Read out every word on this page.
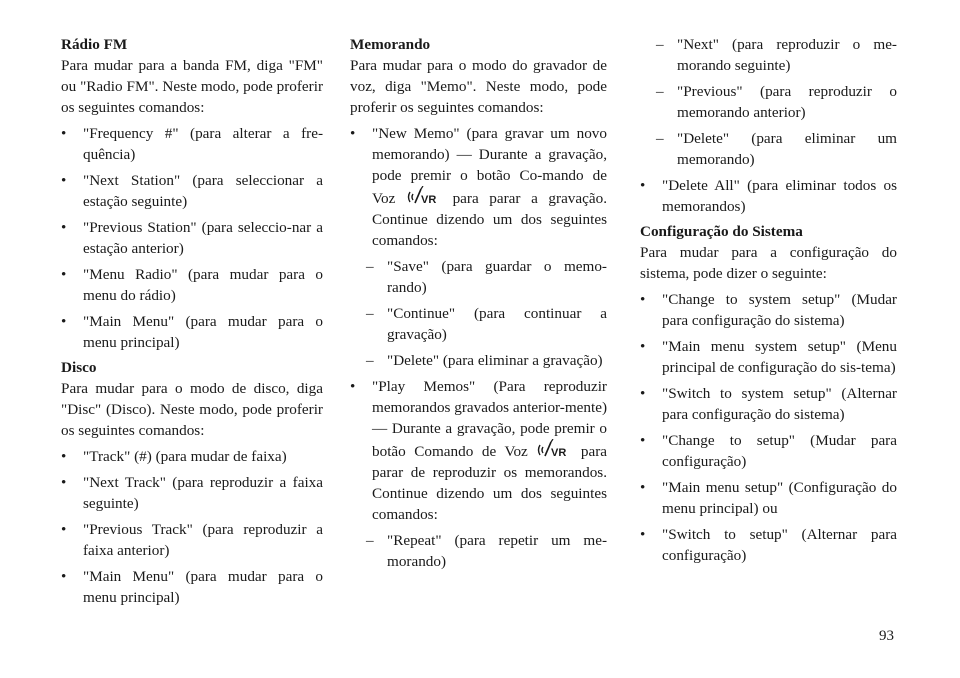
Rádio FM

Para mudar para a banda FM, diga "FM" ou "Radio FM". Neste modo, pode proferir os seguintes comandos:

• "Frequency #" (para alterar a fre-quência)
• "Next Station" (para seleccionar a estação seguinte)
• "Previous Station" (para seleccio-nar a estação anterior)
• "Menu Radio" (para mudar para o menu do rádio)
• "Main Menu" (para mudar para o menu principal)
Disco

Para mudar para o modo de disco, diga "Disc" (Disco). Neste modo, pode proferir os seguintes comandos:

• "Track" (#) (para mudar de faixa)
• "Next Track" (para reproduzir a faixa seguinte)
• "Previous Track" (para reproduzir a faixa anterior)
• "Main Menu" (para mudar para o menu principal)
Memorando

Para mudar para o modo do gravador de voz, diga "Memo". Neste modo, pode proferir os seguintes comandos:

• "New Memo" (para gravar um novo memorando) — Durante a gravação, pode premir o botão Co-mando de Voz VR para parar a gravação. Continue dizendo um dos seguintes comandos:
– "Save" (para guardar o memo-rando)
– "Continue" (para continuar a gravação)
– "Delete" (para eliminar a gravação)
• "Play Memos" (Para reproduzir memorandos gravados anterior-mente) — Durante a gravação, pode premir o botão Comando de Voz VR para parar de reproduzir os memorandos. Continue dizendo um dos seguintes comandos:
– "Repeat" (para repetir um me-morando)
– "Next" (para reproduzir o me-morando seguinte)
– "Previous" (para reproduzir o memorando anterior)
– "Delete" (para eliminar um memorando)
• "Delete All" (para eliminar todos os memorandos)
Configuração do Sistema

Para mudar para a configuração do sistema, pode dizer o seguinte:

• "Change to system setup" (Mudar para configuração do sistema)
• "Main menu system setup" (Menu principal de configuração do sis-tema)
• "Switch to system setup" (Alternar para configuração do sistema)
• "Change to setup" (Mudar para configuração)
• "Main menu setup" (Configuração do menu principal) ou
• "Switch to setup" (Alternar para configuração)
93
